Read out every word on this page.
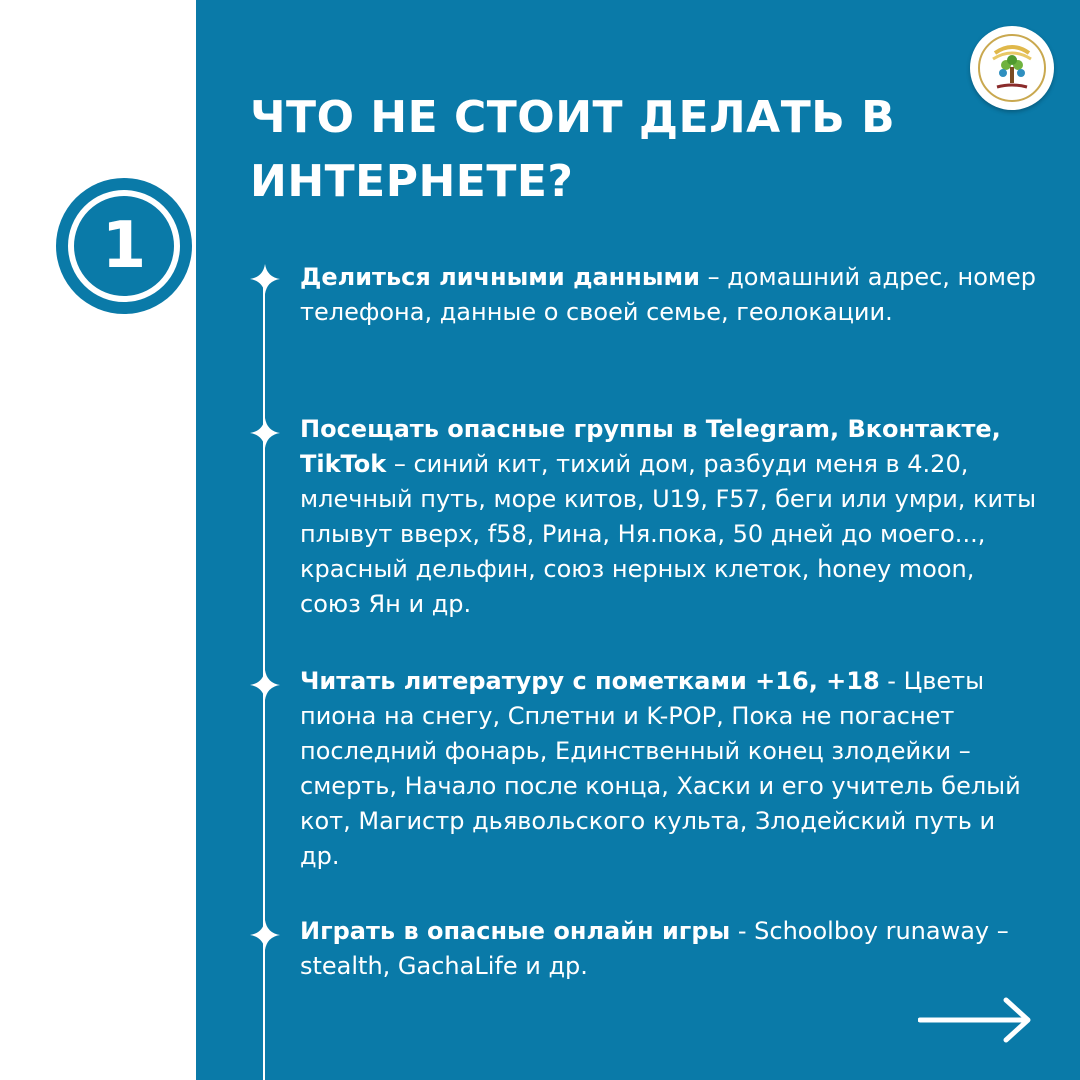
1
ЧТО НЕ СТОИТ ДЕЛАТЬ В ИНТЕРНЕТЕ?
Делиться личными данными – домашний адрес, номер телефона, данные о своей семье, геолокации.
Посещать опасные группы в Telegram, Вконтакте, TikTok – синий кит, тихий дом, разбуди меня в 4.20, млечный путь, море китов, U19, F57, беги или умри, киты плывут вверх, f58, Рина, Ня.пока, 50 дней до моего..., красный дельфин, союз нерных клеток, honey moon, союз Ян и др.
Читать литературу с пометками +16, +18 - Цветы пиона на снегу, Сплетни и K-POP, Пока не погаснет последний фонарь, Единственный конец злодейки – смерть, Начало после конца, Хаски и его учитель белый кот, Магистр дьявольского культа, Злодейский путь и др.
Играть в опасные онлайн игры - Schoolboy runaway – stealth, GachaLife и др.
